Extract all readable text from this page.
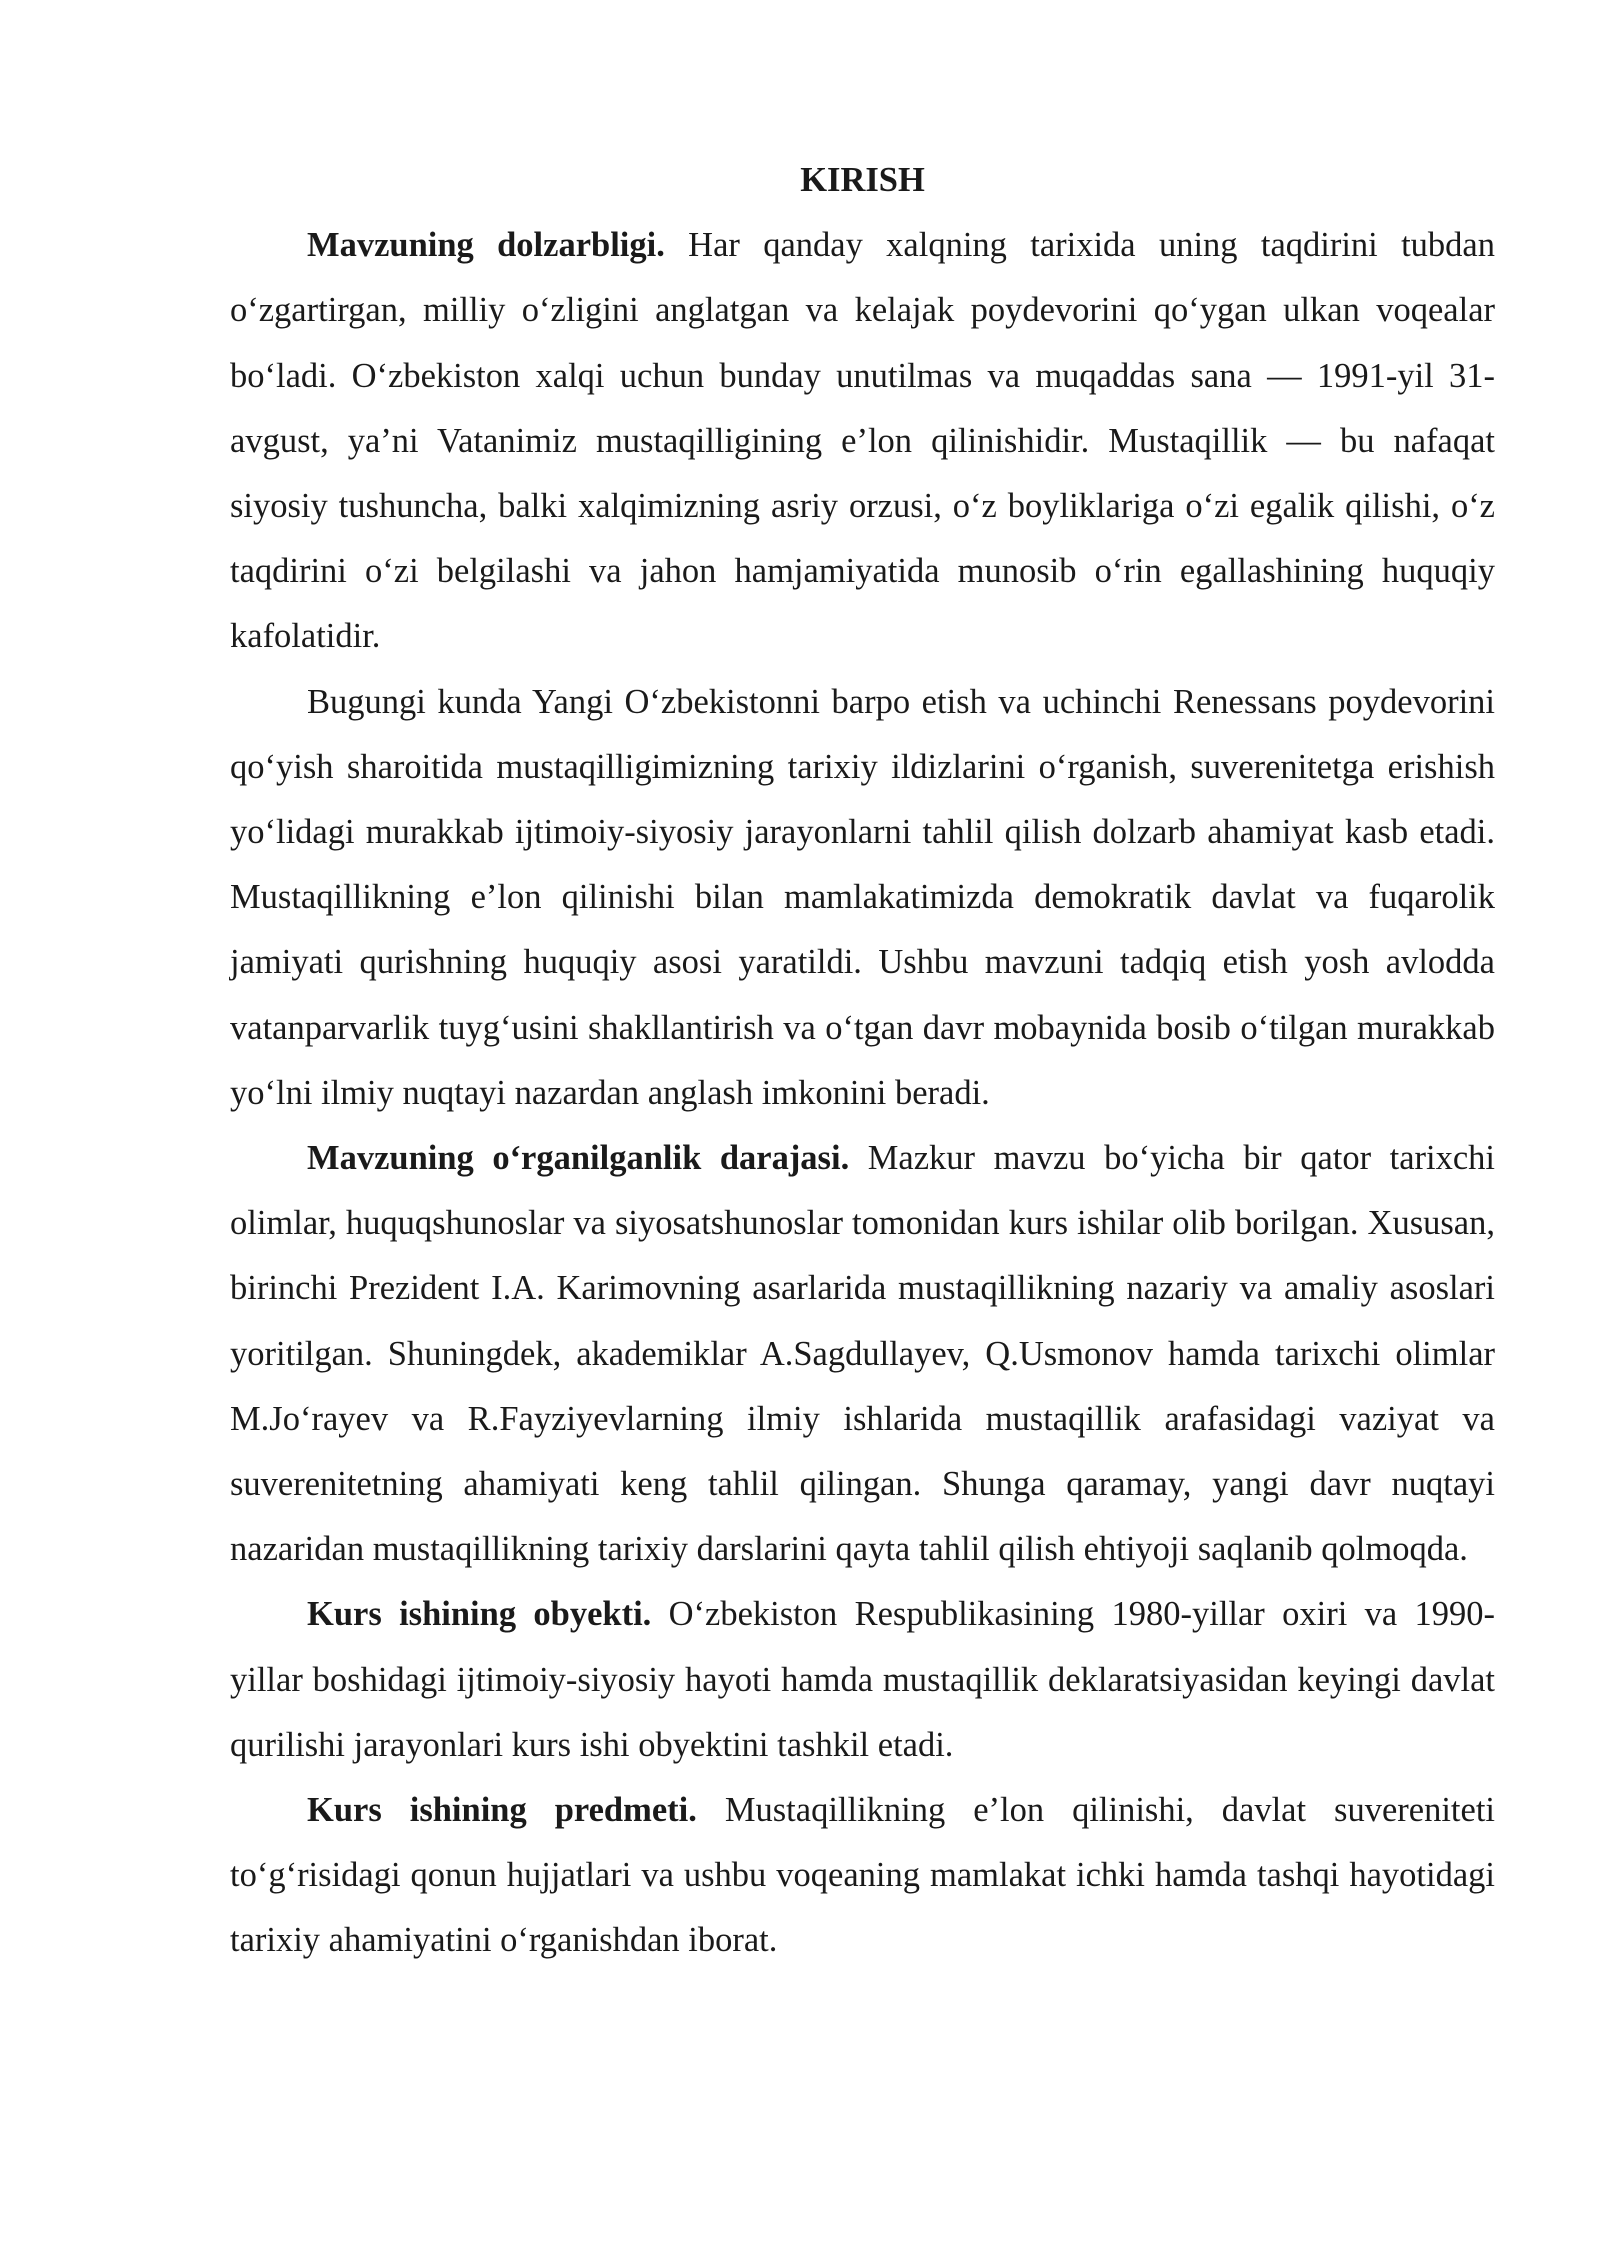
KIRISH

Mavzuning dolzarbligi. Har qanday xalqning tarixida uning taqdirini tubdan o‘zgartirgan, milliy o‘zligini anglatgan va kelajak poydevorini qo‘ygan ulkan voqealar bo‘ladi. O‘zbekiston xalqi uchun bunday unutilmas va muqaddas sana — 1991-yil 31-avgust, ya’ni Vatanimiz mustaqilligining e’lon qilinishidir. Mustaqillik — bu nafaqat siyosiy tushuncha, balki xalqimizning asriy orzusi, o‘z boyliklariga o‘zi egalik qilishi, o‘z taqdirini o‘zi belgilashi va jahon hamjamiyatida munosib o‘rin egallashining huquqiy kafolatidir.

Bugungi kunda Yangi O‘zbekistonni barpo etish va uchinchi Renessans poydevorini qo‘yish sharoitida mustaqilligimizning tarixiy ildizlarini o‘rganish, suverenitetga erishish yo‘lidagi murakkab ijtimoiy-siyosiy jarayonlarni tahlil qilish dolzarb ahamiyat kasb etadi. Mustaqillikning e’lon qilinishi bilan mamlakatimizda demokratik davlat va fuqarolik jamiyati qurishning huquqiy asosi yaratildi. Ushbu mavzuni tadqiq etish yosh avlodda vatanparvarlik tuyg‘usini shakllantirish va o‘tgan davr mobaynida bosib o‘tilgan murakkab yo‘lni ilmiy nuqtayi nazardan anglash imkonini beradi.

Mavzuning o‘rganilganlik darajasi. Mazkur mavzu bo‘yicha bir qator tarixchi olimlar, huquqshunoslar va siyosatshunoslar tomonidan kurs ishilar olib borilgan. Xususan, birinchi Prezident I.A. Karimovning asarlarida mustaqillikning nazariy va amaliy asoslari yoritilgan. Shuningdek, akademiklar A.Sagdullayev, Q.Usmonov hamda tarixchi olimlar M.Jo‘rayev va R.Fayziyevlarning ilmiy ishlarida mustaqillik arafasidagi vaziyat va suverenitetning ahamiyati keng tahlil qilingan. Shunga qaramay, yangi davr nuqtayi nazaridan mustaqillikning tarixiy darslarini qayta tahlil qilish ehtiyoji saqlanib qolmoqda.

Kurs ishining obyekti. O‘zbekiston Respublikasining 1980-yillar oxiri va 1990-yillar boshidagi ijtimoiy-siyosiy hayoti hamda mustaqillik deklaratsiyasidan keyingi davlat qurilishi jarayonlari kurs ishi obyektini tashkil etadi.

Kurs ishining predmeti. Mustaqillikning e’lon qilinishi, davlat suvereniteti to‘g‘risidagi qonun hujjatlari va ushbu voqeaning mamlakat ichki hamda tashqi hayotidagi tarixiy ahamiyatini o‘rganishdan iborat.
